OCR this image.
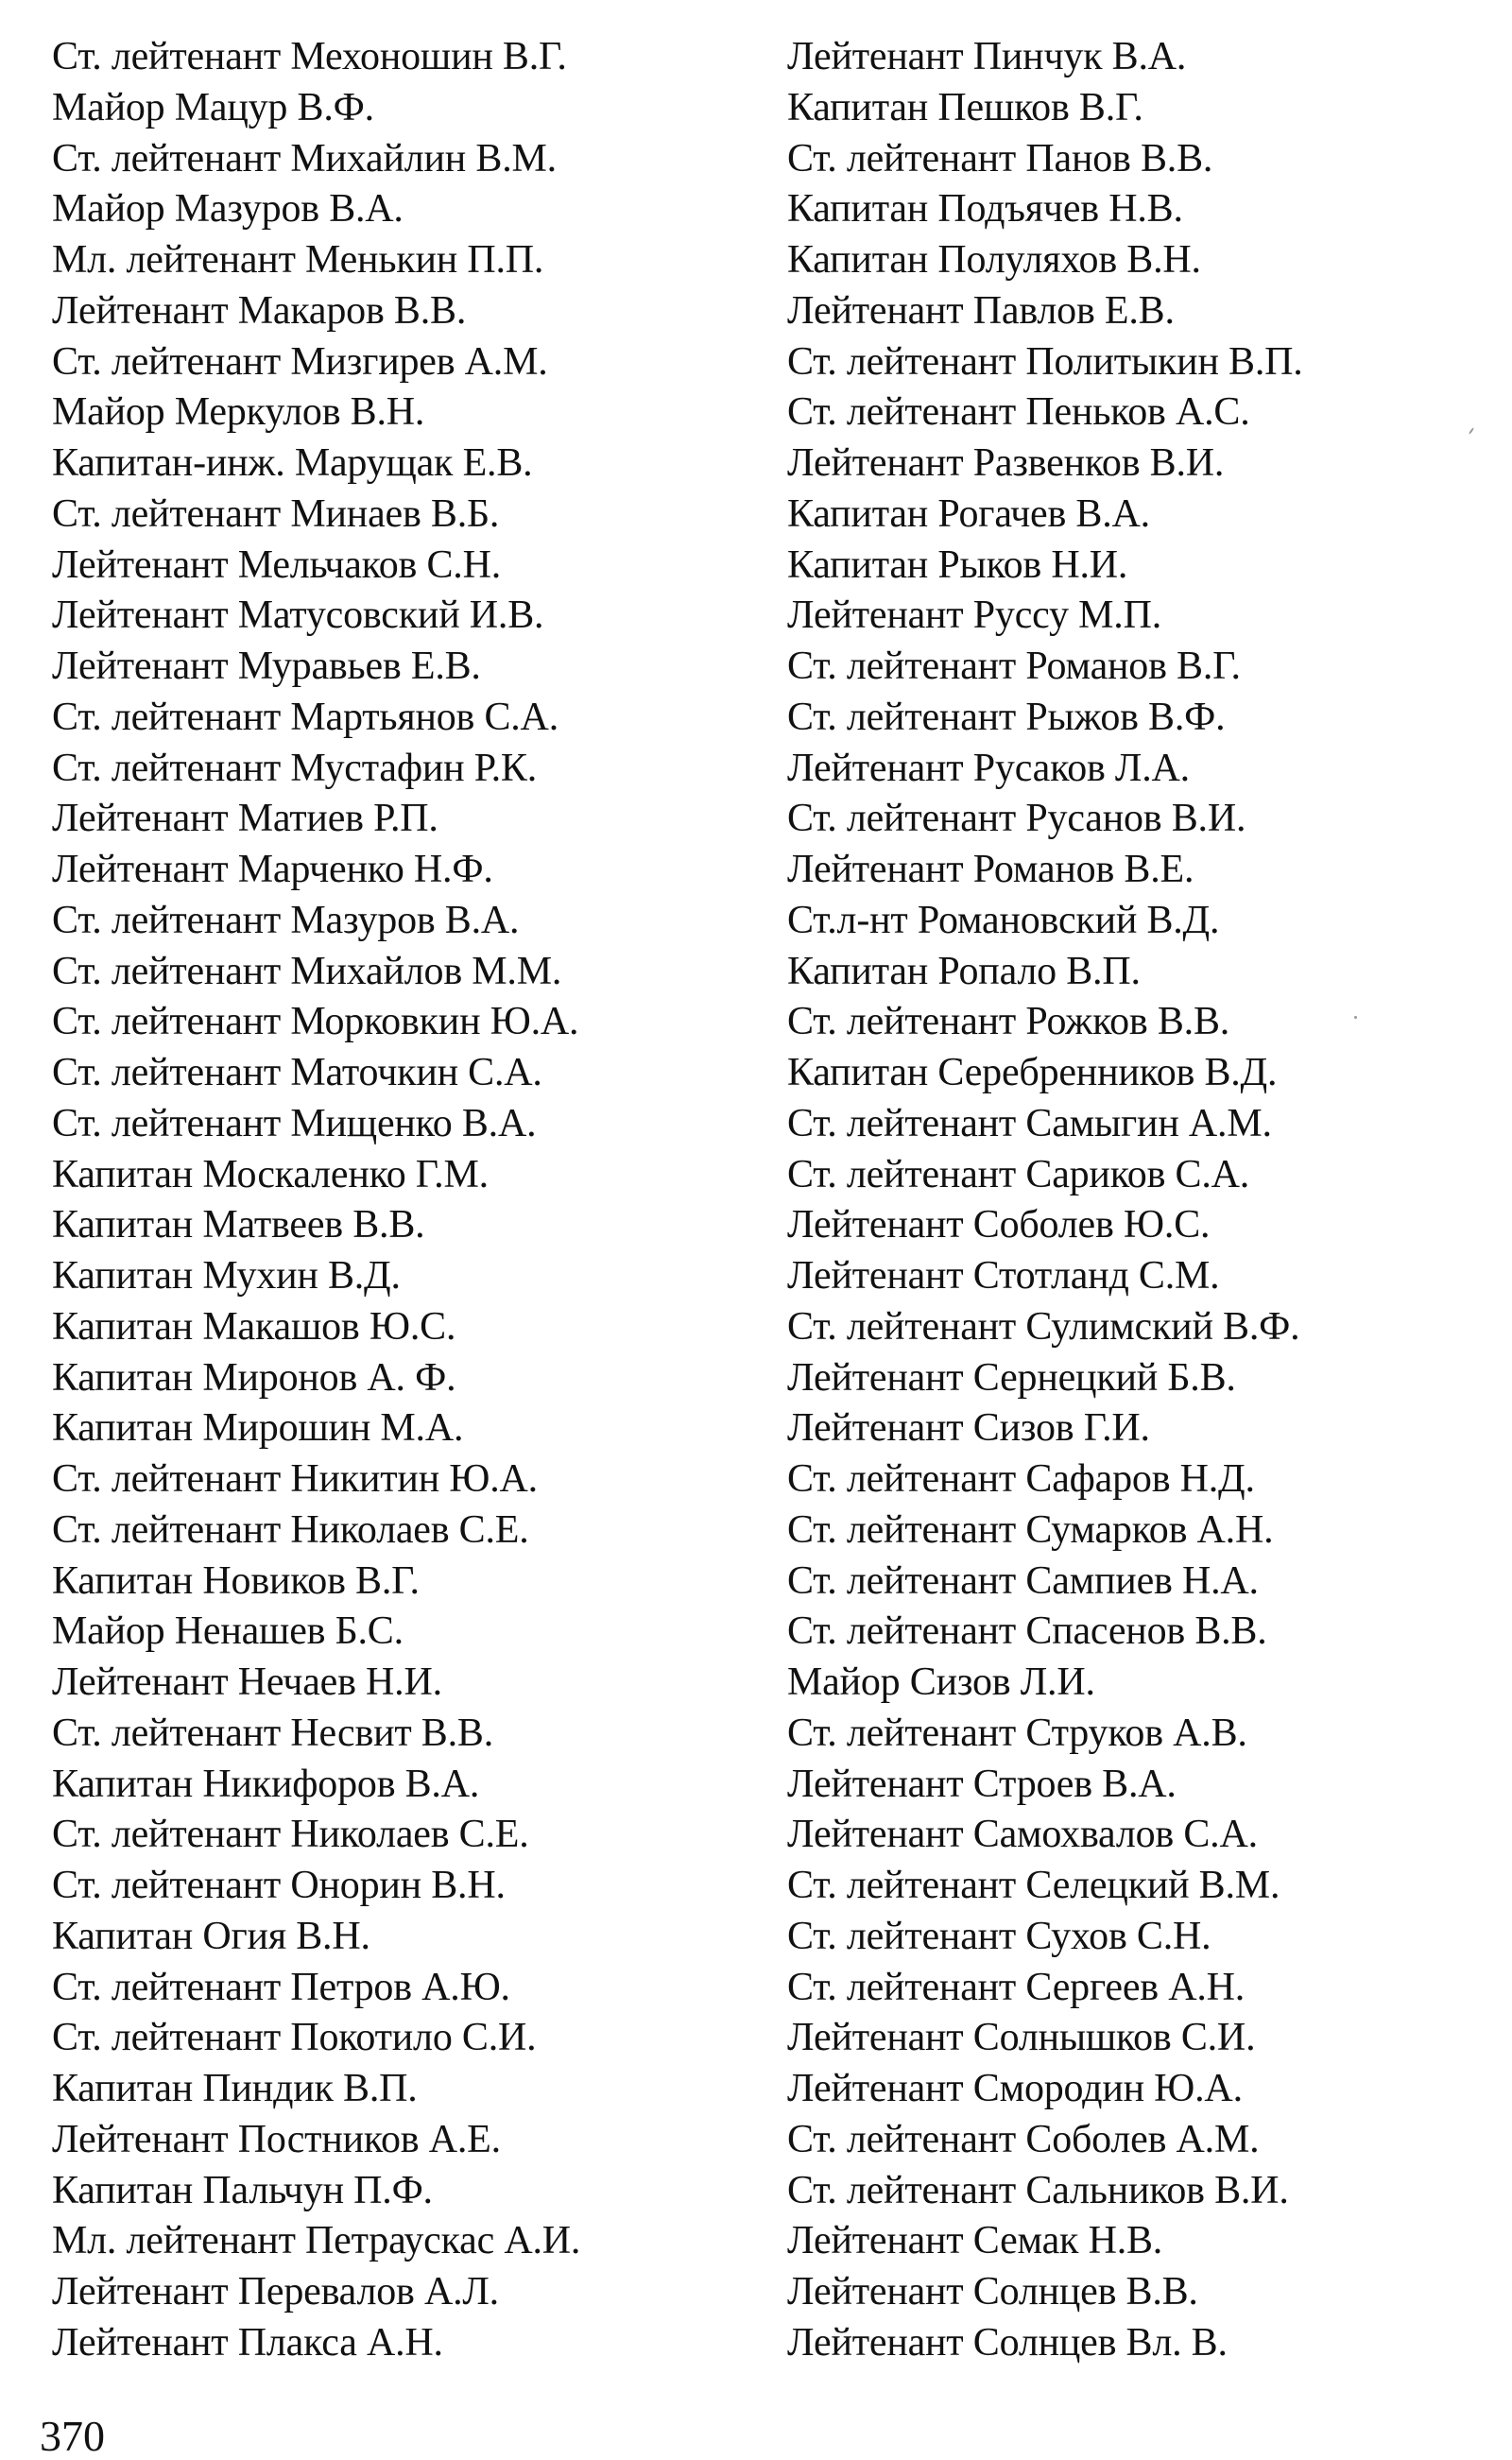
Ст. лейтенант Мехоношин В.Г.
Майор Мацур В.Ф.
Ст. лейтенант Михайлин В.М.
Майор Мазуров В.А.
Мл. лейтенант Менькин П.П.
Лейтенант Макаров В.В.
Ст. лейтенант Мизгирев А.М.
Майор Меркулов В.Н.
Капитан-инж. Марущак Е.В.
Ст. лейтенант Минаев В.Б.
Лейтенант Мельчаков С.Н.
Лейтенант Матусовский И.В.
Лейтенант Муравьев Е.В.
Ст. лейтенант Мартьянов С.А.
Ст. лейтенант Мустафин Р.К.
Лейтенант Матиев Р.П.
Лейтенант Марченко Н.Ф.
Ст. лейтенант Мазуров В.А.
Ст. лейтенант Михайлов М.М.
Ст. лейтенант Морковкин Ю.А.
Ст. лейтенант Маточкин С.А.
Ст. лейтенант Мищенко В.А.
Капитан Москаленко Г.М.
Капитан Матвеев В.В.
Капитан Мухин В.Д.
Капитан Макашов Ю.С.
Капитан Миронов А. Ф.
Капитан Мирошин М.А.
Ст. лейтенант Никитин Ю.А.
Ст. лейтенант Николаев С.Е.
Капитан Новиков В.Г.
Майор Ненашев Б.С.
Лейтенант Нечаев Н.И.
Ст. лейтенант Несвит В.В.
Капитан Никифоров В.А.
Ст. лейтенант Николаев С.Е.
Ст. лейтенант Онорин В.Н.
Капитан Огия В.Н.
Ст. лейтенант Петров А.Ю.
Ст. лейтенант Покотило С.И.
Капитан Пиндик В.П.
Лейтенант Постников А.Е.
Капитан Пальчун П.Ф.
Мл. лейтенант Петраускас А.И.
Лейтенант Перевалов А.Л.
Лейтенант Плакса А.Н.
Лейтенант Пинчук В.А.
Капитан Пешков В.Г.
Ст. лейтенант Панов В.В.
Капитан Подъячев Н.В.
Капитан Полуляхов В.Н.
Лейтенант Павлов Е.В.
Ст. лейтенант Политыкин В.П.
Ст. лейтенант Пеньков А.С.
Лейтенант Развенков В.И.
Капитан Рогачев В.А.
Капитан Рыков Н.И.
Лейтенант Руссу М.П.
Ст. лейтенант Романов В.Г.
Ст. лейтенант Рыжов В.Ф.
Лейтенант Русаков Л.А.
Ст. лейтенант Русанов В.И.
Лейтенант Романов В.Е.
Ст.л-нт Романовский В.Д.
Капитан Ропало В.П.
Ст. лейтенант Рожков В.В.
Капитан Серебренников В.Д.
Ст. лейтенант Самыгин А.М.
Ст. лейтенант Сариков С.А.
Лейтенант Соболев Ю.С.
Лейтенант Стотланд С.М.
Ст. лейтенант Сулимский В.Ф.
Лейтенант Сернецкий Б.В.
Лейтенант Сизов Г.И.
Ст. лейтенант Сафаров Н.Д.
Ст. лейтенант Сумарков А.Н.
Ст. лейтенант Сампиев Н.А.
Ст. лейтенант Спасенов В.В.
Майор Сизов Л.И.
Ст. лейтенант Струков А.В.
Лейтенант Строев В.А.
Лейтенант Самохвалов С.А.
Ст. лейтенант Селецкий В.М.
Ст. лейтенант Сухов С.Н.
Ст. лейтенант Сергеев А.Н.
Лейтенант Солнышков С.И.
Лейтенант Смородин Ю.А.
Ст. лейтенант Соболев А.М.
Ст. лейтенант Сальников В.И.
Лейтенант Семак Н.В.
Лейтенант Солнцев В.В.
Лейтенант Солнцев Вл. В.
370
